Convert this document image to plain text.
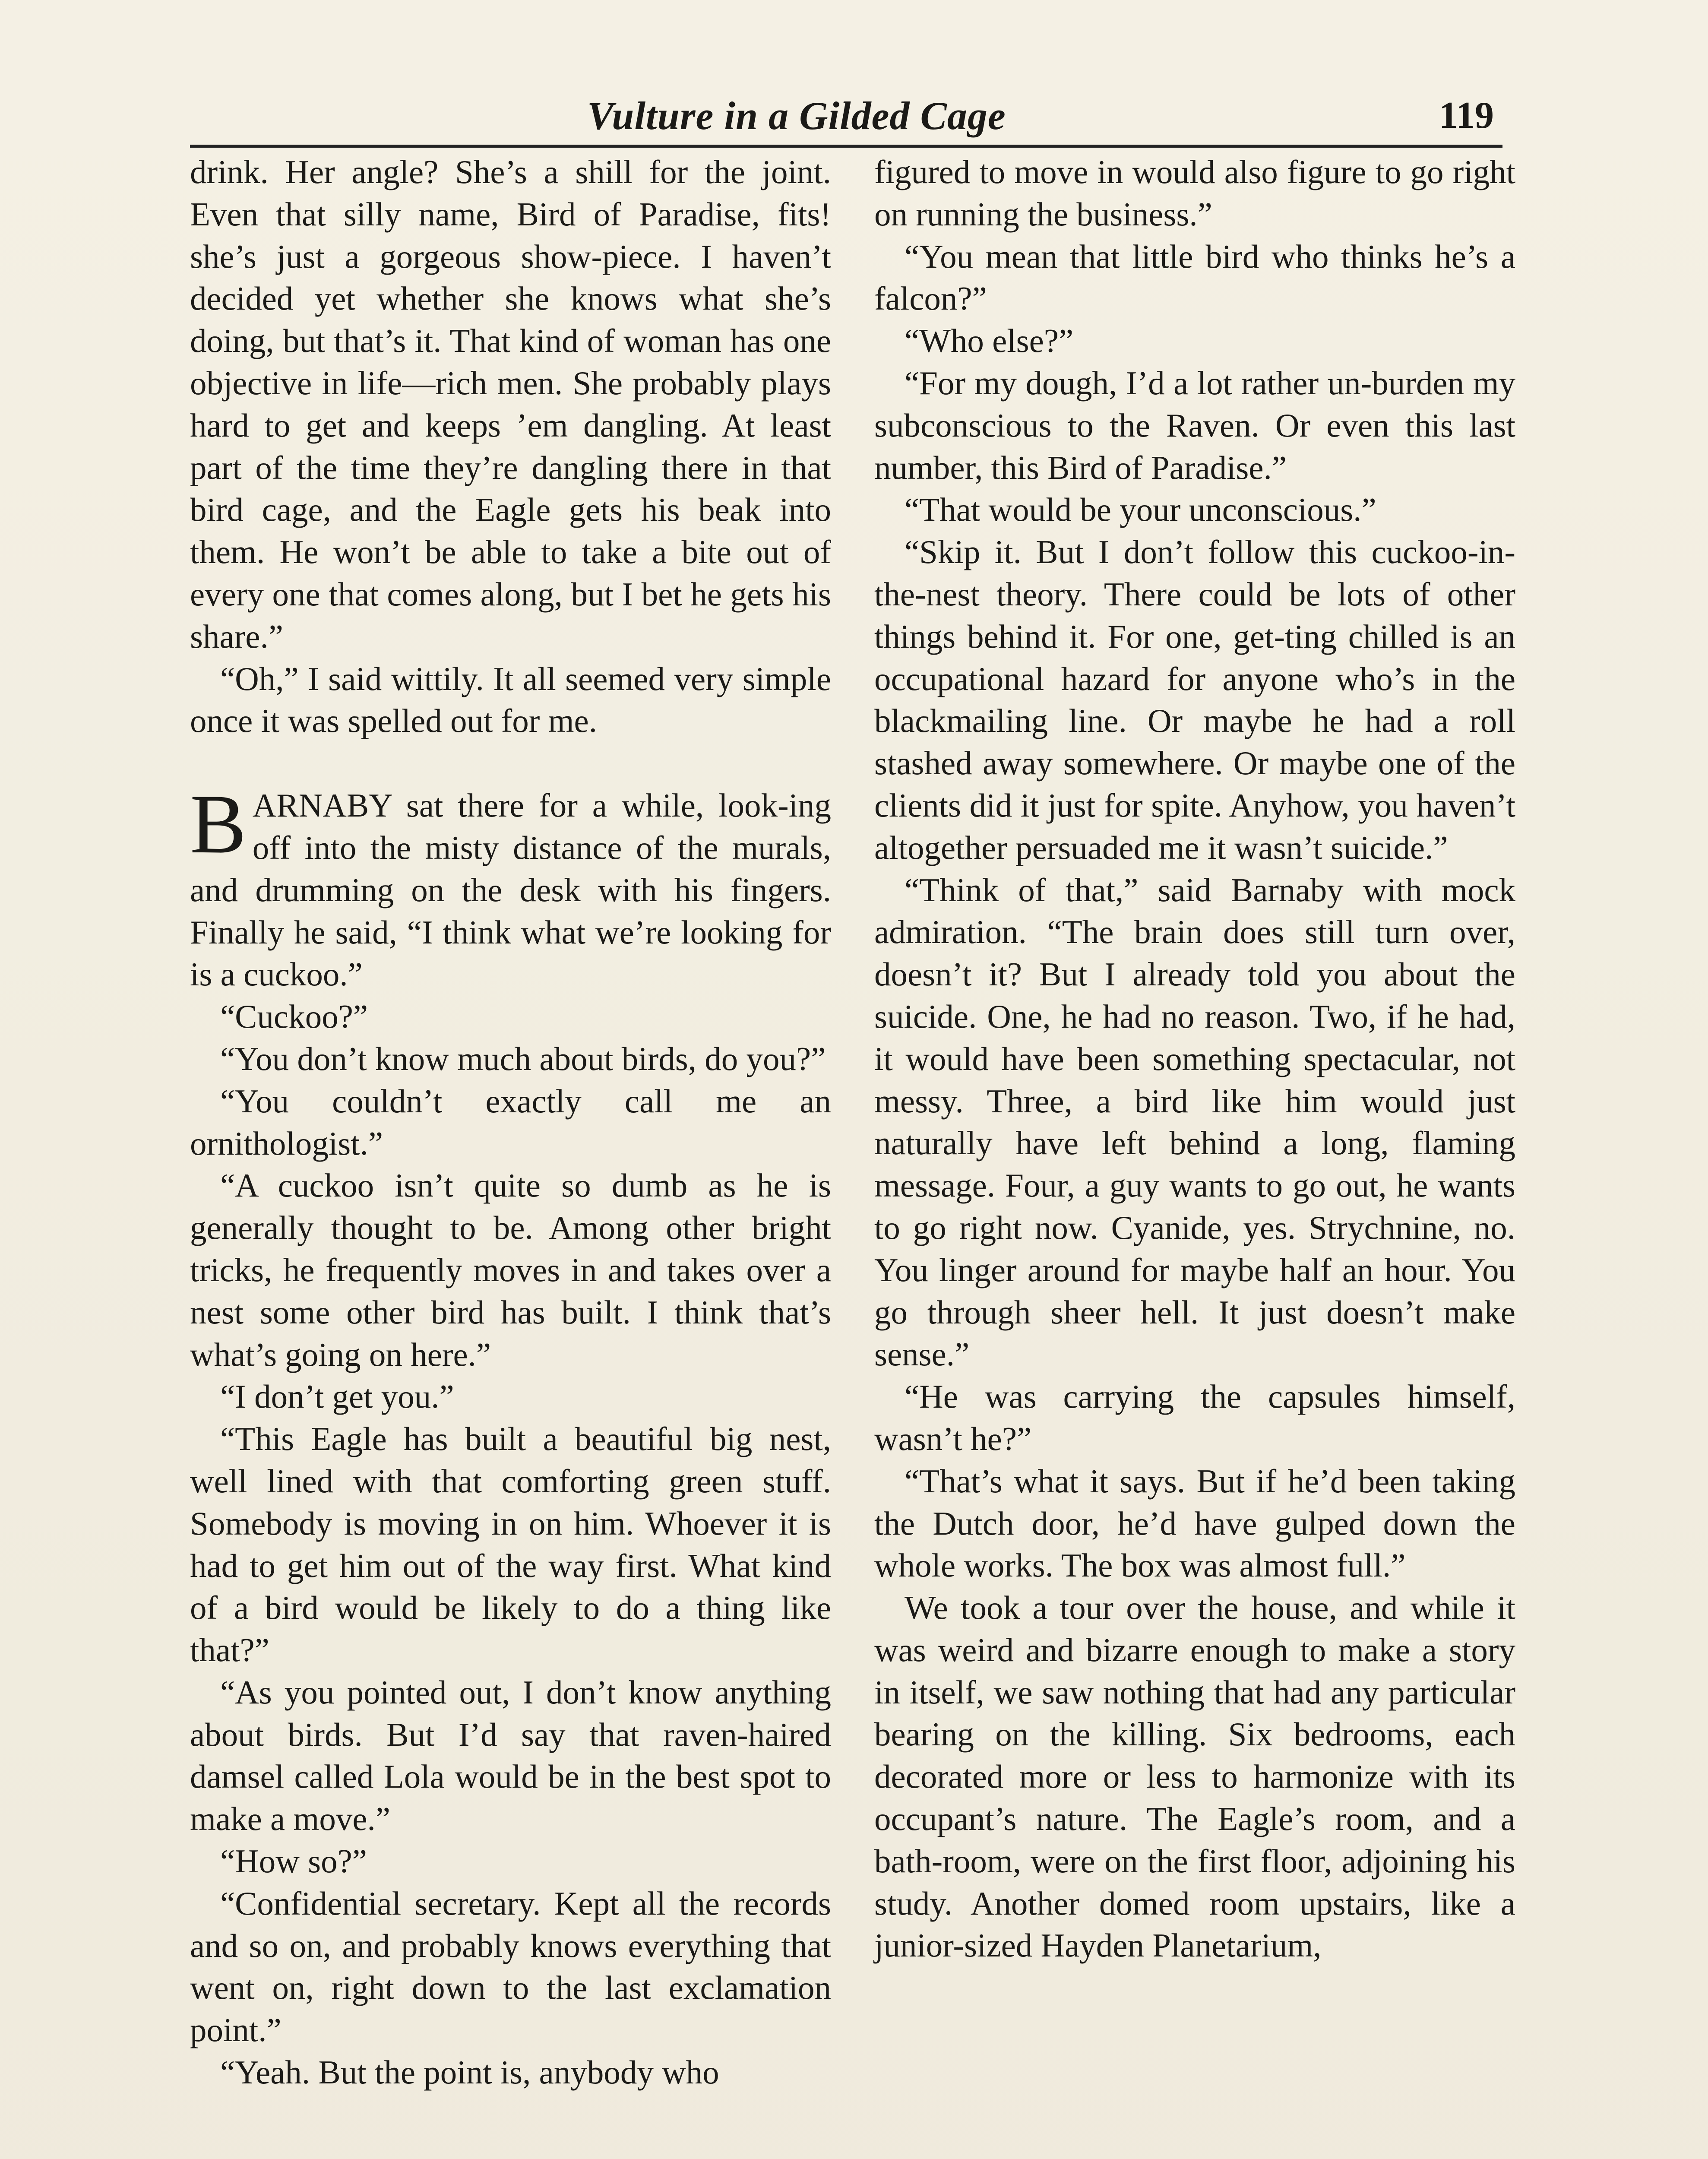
Vulture in a Gilded Cage	119

drink. Her angle? She’s a shill for the joint. Even that silly name, Bird of Paradise, fits! she’s just a gorgeous show-piece. I haven’t decided yet whether she knows what she’s doing, but that’s it. That kind of woman has one objective in life—rich men. She probably plays hard to get and keeps ’em dangling. At least part of the time they’re dangling there in that bird cage, and the Eagle gets his beak into them. He won’t be able to take a bite out of every one that comes along, but I bet he gets his share.”

“Oh,” I said wittily. It all seemed very simple once it was spelled out for me.

BARNABY sat there for a while, look-ing off into the misty distance of the murals, and drumming on the desk with his fingers. Finally he said, “I think what we’re looking for is a cuckoo.”

“Cuckoo?”

“You don’t know much about birds, do you?”

“You couldn’t exactly call me an ornithologist.”

“A cuckoo isn’t quite so dumb as he is generally thought to be. Among other bright tricks, he frequently moves in and takes over a nest some other bird has built. I think that’s what’s going on here.”

“I don’t get you.”

“This Eagle has built a beautiful big nest, well lined with that comforting green stuff. Somebody is moving in on him. Whoever it is had to get him out of the way first. What kind of a bird would be likely to do a thing like that?”

“As you pointed out, I don’t know anything about birds. But I’d say that raven-haired damsel called Lola would be in the best spot to make a move.”

“How so?”

“Confidential secretary. Kept all the records and so on, and probably knows everything that went on, right down to the last exclamation point.”

“Yeah. But the point is, anybody who

figured to move in would also figure to go right on running the business.”

“You mean that little bird who thinks he’s a falcon?”

“Who else?”

“For my dough, I’d a lot rather un-burden my subconscious to the Raven. Or even this last number, this Bird of Paradise.”

“That would be your unconscious.”

“Skip it. But I don’t follow this cuckoo-in-the-nest theory. There could be lots of other things behind it. For one, get-ting chilled is an occupational hazard for anyone who’s in the blackmailing line. Or maybe he had a roll stashed away somewhere. Or maybe one of the clients did it just for spite. Anyhow, you haven’t altogether persuaded me it wasn’t suicide.”

“Think of that,” said Barnaby with mock admiration. “The brain does still turn over, doesn’t it? But I already told you about the suicide. One, he had no reason. Two, if he had, it would have been something spectacular, not messy. Three, a bird like him would just naturally have left behind a long, flaming message. Four, a guy wants to go out, he wants to go right now. Cyanide, yes. Strychnine, no. You linger around for maybe half an hour. You go through sheer hell. It just doesn’t make sense.”

“He was carrying the capsules himself, wasn’t he?”

“That’s what it says. But if he’d been taking the Dutch door, he’d have gulped down the whole works. The box was almost full.”

We took a tour over the house, and while it was weird and bizarre enough to make a story in itself, we saw nothing that had any particular bearing on the killing. Six bedrooms, each decorated more or less to harmonize with its occupant’s nature. The Eagle’s room, and a bath-room, were on the first floor, adjoining his study. Another domed room upstairs, like a junior-sized Hayden Planetarium,
